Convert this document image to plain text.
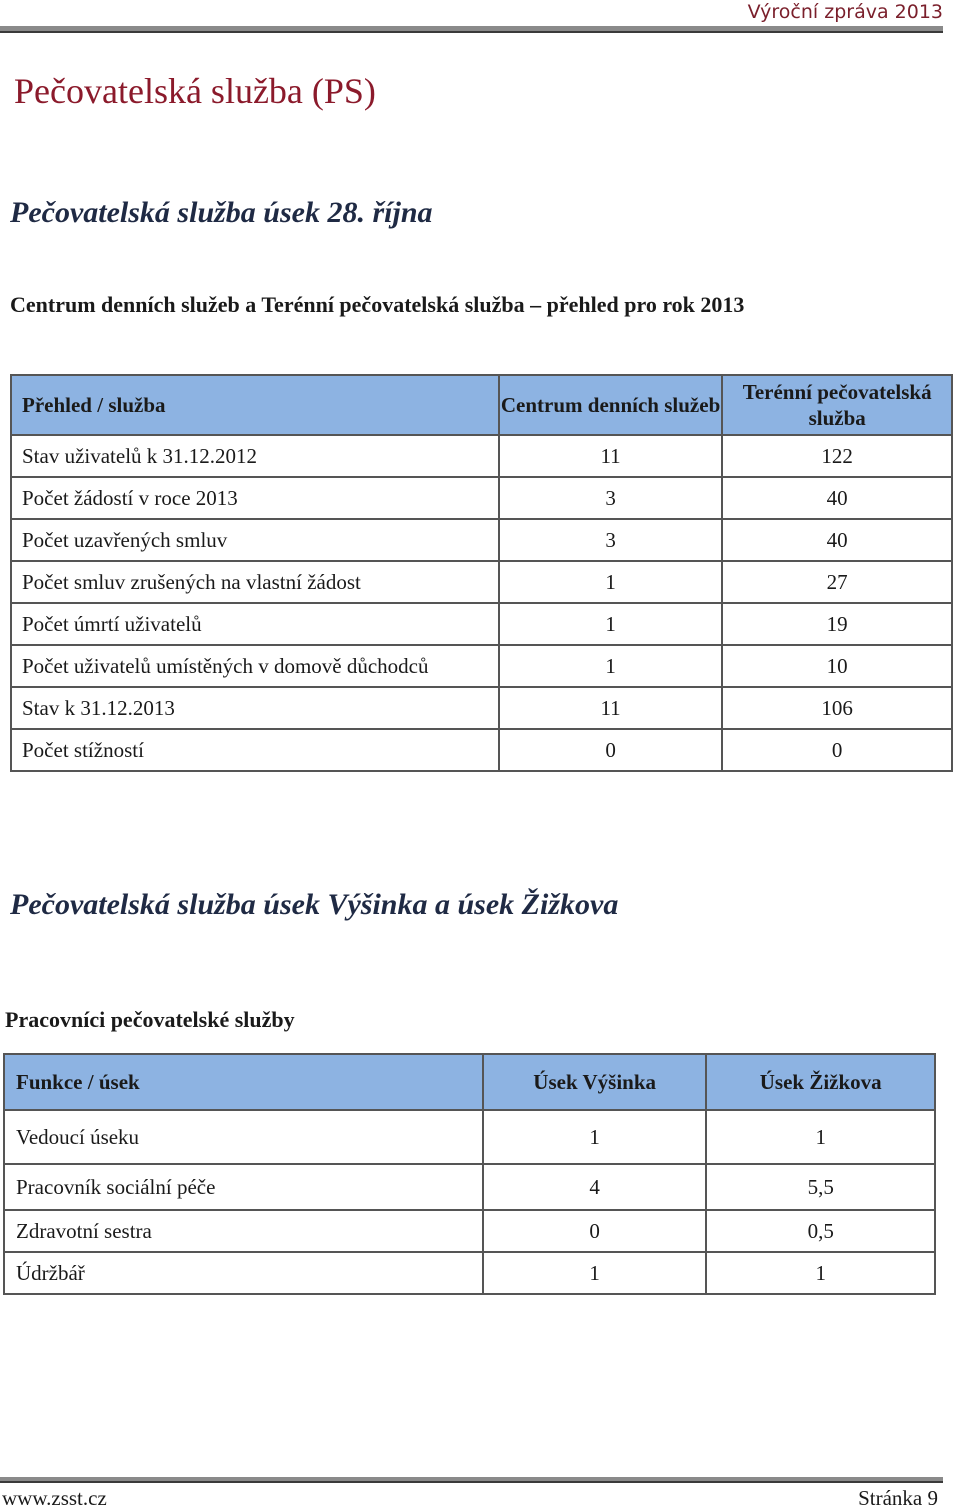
Výroční zpráva 2013
Pečovatelská služba (PS)
Pečovatelská služba úsek 28. října
Centrum denních služeb a Terénní pečovatelská služba – přehled pro rok 2013
Přehled / služba	Centrum denních služeb	Terénní pečovatelská služba
Stav uživatelů k 31.12.2012	11	122
Počet žádostí v roce 2013	3	40
Počet uzavřených smluv	3	40
Počet smluv zrušených na vlastní žádost	1	27
Počet úmrtí uživatelů	1	19
Počet uživatelů umístěných v domově důchodců	1	10
Stav k 31.12.2013	11	106
Počet stížností	0	0
Pečovatelská služba úsek Výšinka a úsek Žižkova
Pracovníci pečovatelské služby
Funkce / úsek	Úsek Výšinka	Úsek Žižkova
Vedoucí úseku	1	1
Pracovník sociální péče	4	5,5
Zdravotní sestra	0	0,5
Údržbář	1	1
www.zsst.cz	Stránka 9
